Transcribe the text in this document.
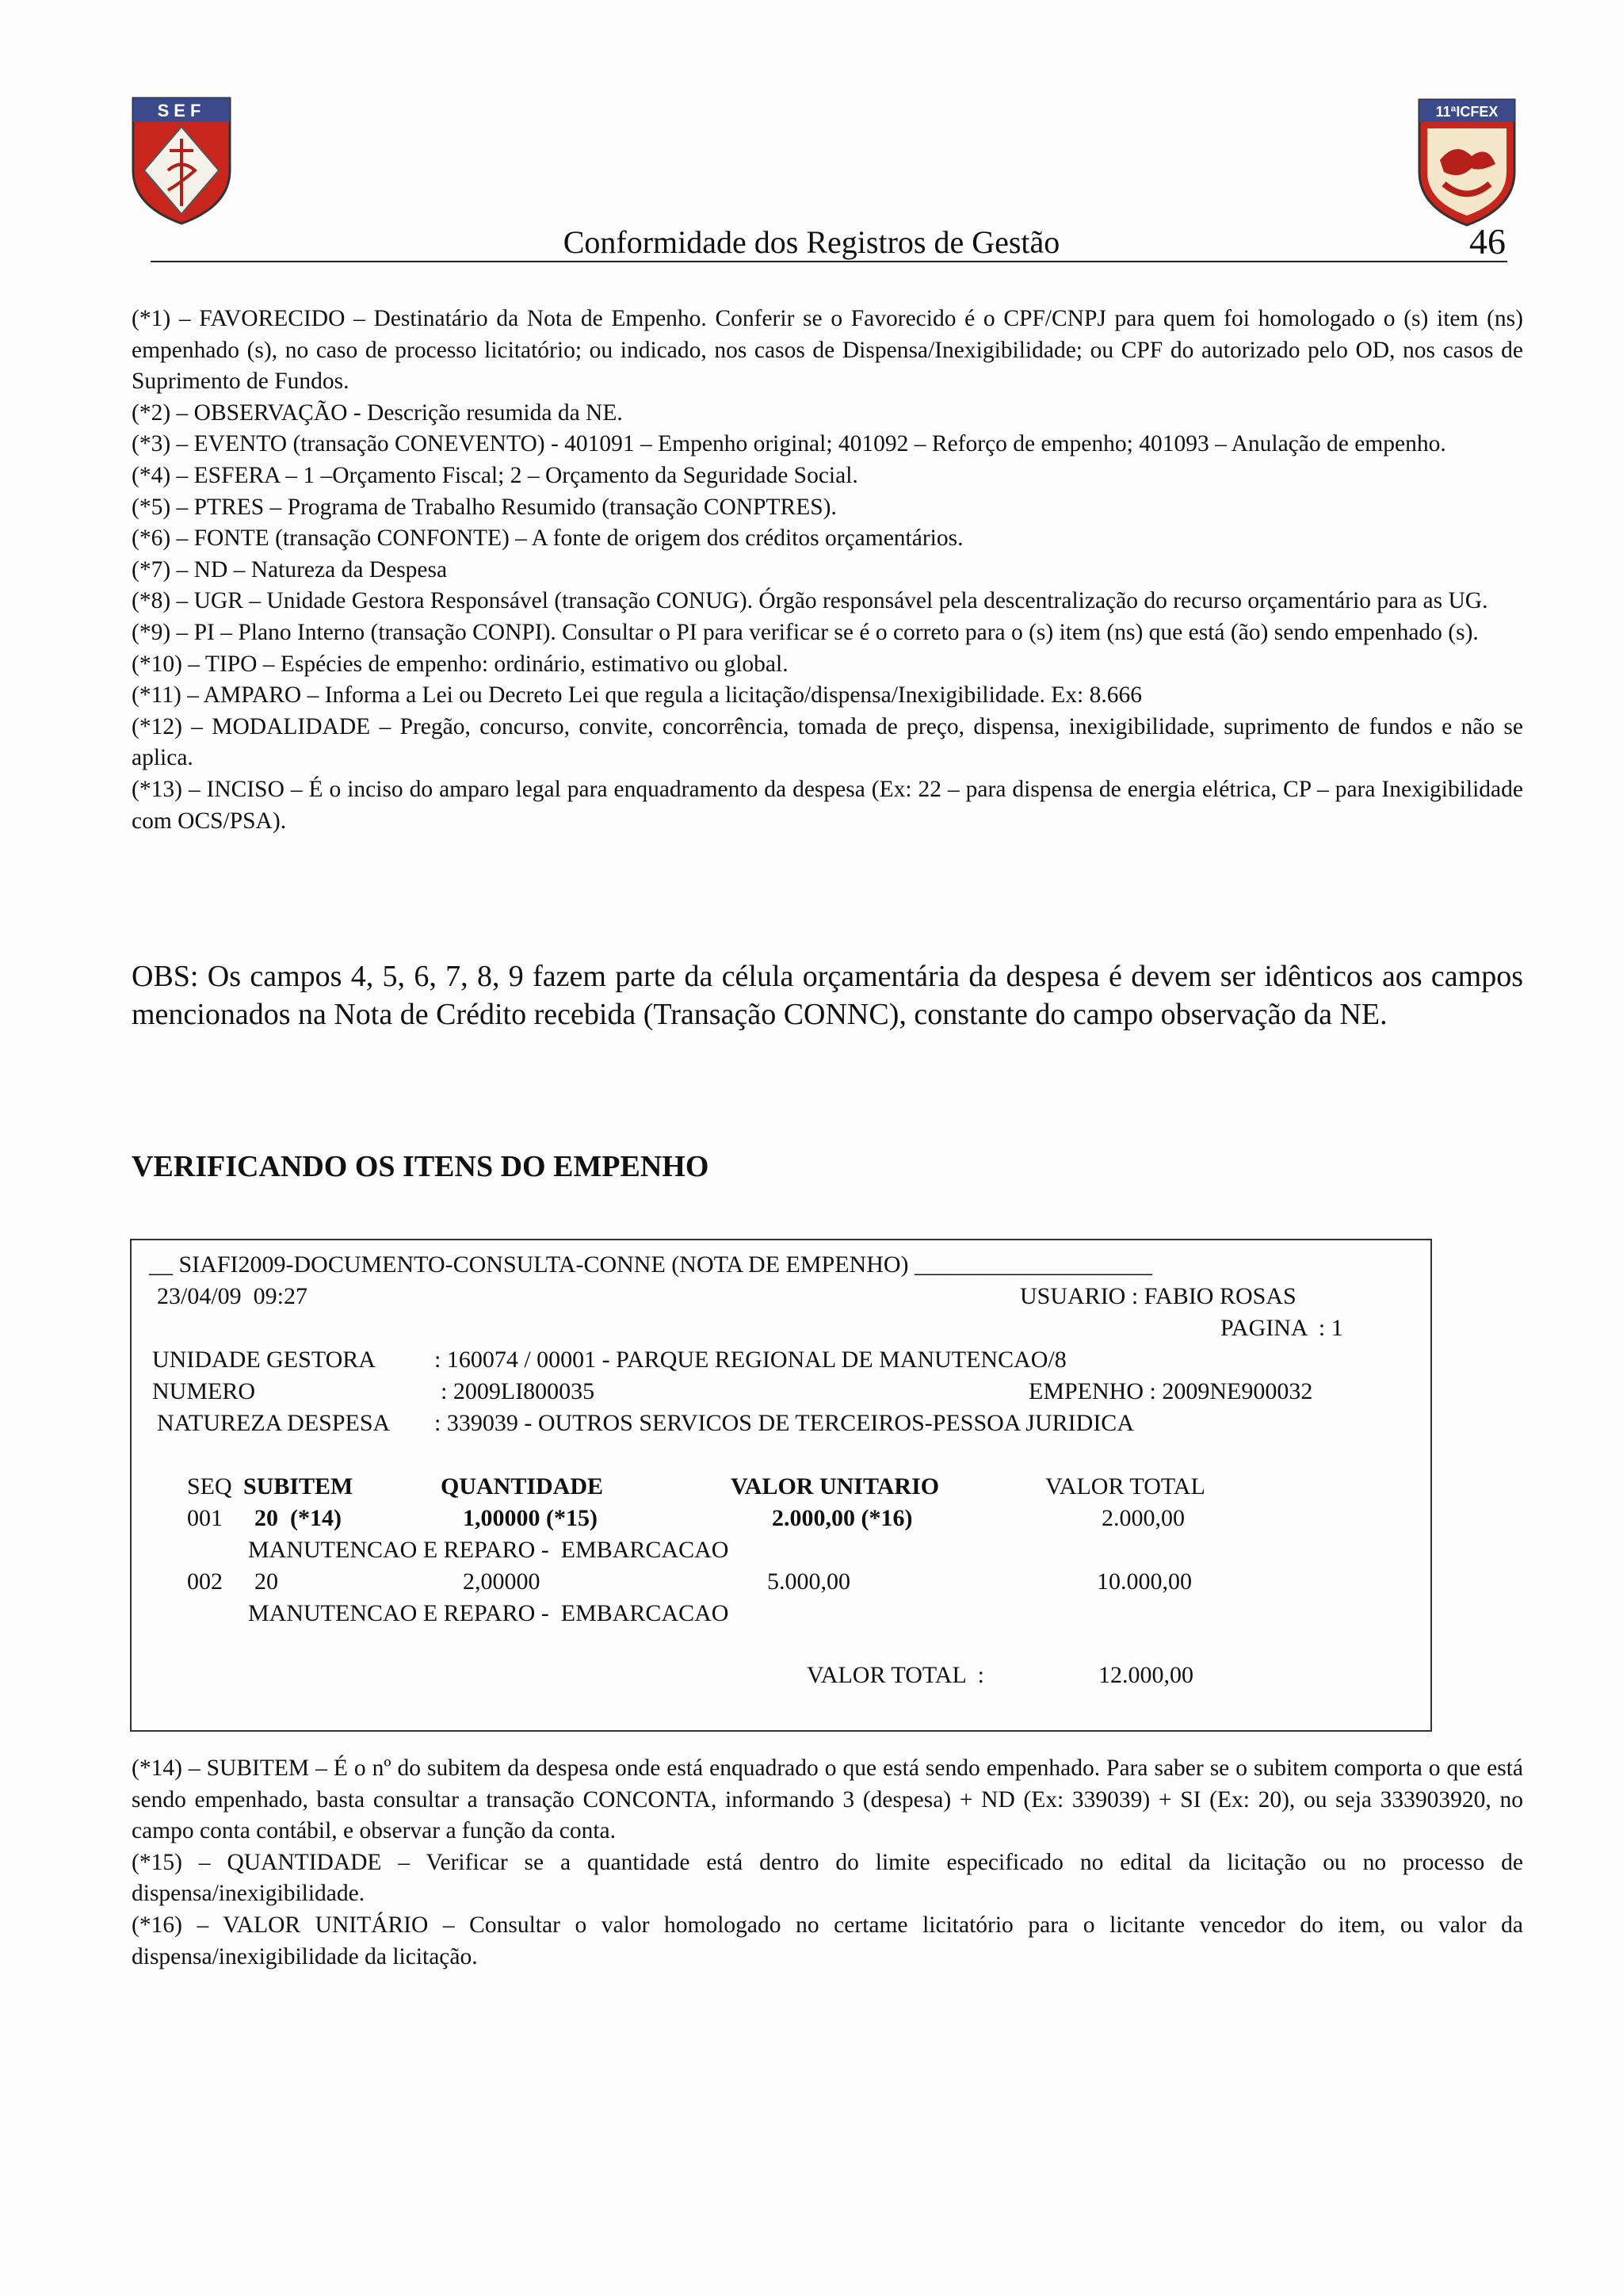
SEF	11ªICFEX
Conformidade dos Registros de Gestão	46

(*1) – FAVORECIDO – Destinatário da Nota de Empenho. Conferir se o Favorecido é o CPF/CNPJ para quem foi homologado o (s) item (ns) empenhado (s), no caso de processo licitatório; ou indicado, nos casos de Dispensa/Inexigibilidade; ou CPF do autorizado pelo OD, nos casos de Suprimento de Fundos.

(*2) – OBSERVAÇÃO - Descrição resumida da NE.

(*3) – EVENTO (transação CONEVENTO) - 401091 – Empenho original; 401092 – Reforço de empenho; 401093 – Anulação de empenho.

(*4) – ESFERA – 1 –Orçamento Fiscal; 2 – Orçamento da Seguridade Social.

(*5) – PTRES – Programa de Trabalho Resumido (transação CONPTRES).

(*6) – FONTE (transação CONFONTE) – A fonte de origem dos créditos orçamentários.

(*7) – ND – Natureza da Despesa

(*8) – UGR – Unidade Gestora Responsável (transação CONUG). Órgão responsável pela descentralização do recurso orçamentário para as UG.

(*9) – PI – Plano Interno (transação CONPI). Consultar o PI para verificar se é o correto para o (s) item (ns) que está (ão) sendo empenhado (s).

(*10) – TIPO – Espécies de empenho: ordinário, estimativo ou global.

(*11) – AMPARO – Informa a Lei ou Decreto Lei que regula a licitação/dispensa/Inexigibilidade. Ex: 8.666

(*12) – MODALIDADE – Pregão, concurso, convite, concorrência, tomada de preço, dispensa, inexigibilidade, suprimento de fundos e não se aplica.

(*13) – INCISO – É o inciso do amparo legal para enquadramento da despesa (Ex: 22 – para dispensa de energia elétrica, CP – para Inexigibilidade com OCS/PSA).

OBS: Os campos 4, 5, 6, 7, 8, 9 fazem parte da célula orçamentária da despesa é devem ser idênticos aos campos mencionados na Nota de Crédito recebida (Transação CONNC), constante do campo observação da NE.

VERIFICANDO OS ITENS DO EMPENHO
__ SIAFI2009-DOCUMENTO-CONSULTA-CONNE (NOTA DE EMPENHO) ____________________
23/04/09  09:27	USUARIO : FABIO ROSAS
PAGINA  : 1
UNIDADE GESTORA : 160074 / 00001 - PARQUE REGIONAL DE MANUTENCAO/8
NUMERO	: 2009LI800035	EMPENHO : 2009NE900032
NATUREZA DESPESA : 339039 - OUTROS SERVICOS DE TERCEIROS-PESSOA JURIDICA
SEQ SUBITEM	QUANTIDADE	VALOR UNITARIO	VALOR TOTAL
001 20  (*14)	1,00000 (*15)	2.000,00 (*16)	2.000,00
MANUTENCAO E REPARO -  EMBARCACAO
002 20	2,00000	5.000,00	10.000,00
MANUTENCAO E REPARO -  EMBARCACAO
VALOR TOTAL  :	12.000,00

(*14) – SUBITEM – É o nº do subitem da despesa onde está enquadrado o que está sendo empenhado. Para saber se o subitem comporta o que está sendo empenhado, basta consultar a transação CONCONTA, informando 3 (despesa) + ND (Ex: 339039) + SI (Ex: 20), ou seja 333903920, no campo conta contábil, e observar a função da conta.

(*15) – QUANTIDADE – Verificar se a quantidade está dentro do limite especificado no edital da licitação ou no processo de dispensa/inexigibilidade.

(*16) – VALOR UNITÁRIO – Consultar o valor homologado no certame licitatório para o licitante vencedor do item, ou valor da dispensa/inexigibilidade da licitação.
